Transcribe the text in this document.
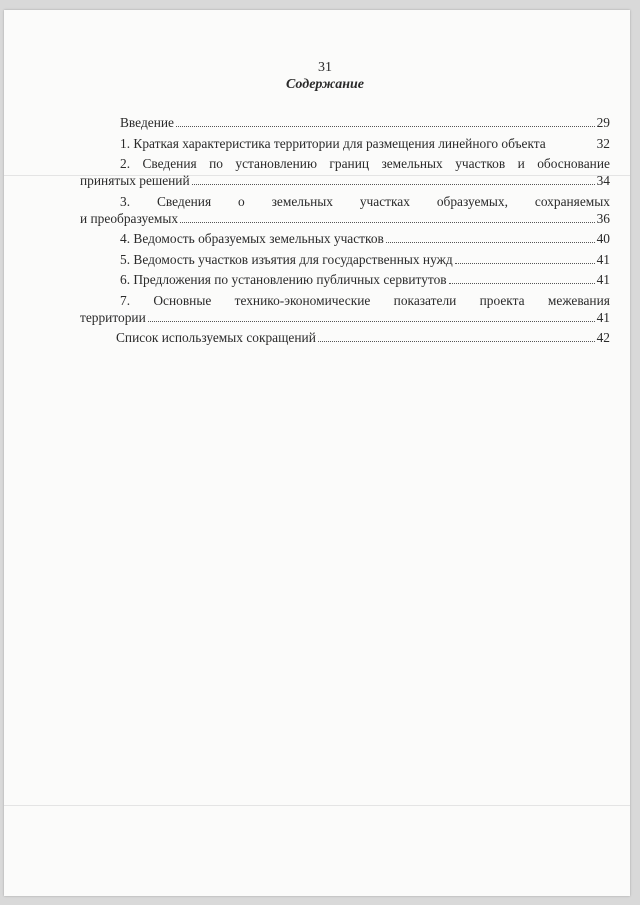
31
Содержание
Введение	29
1. Краткая характеристика территории для размещения линейного объекта	32
2. Сведения по установлению границ земельных участков и обоснование
принятых решений	34
3. Сведения о земельных участках образуемых, сохраняемых
и преобразуемых	36
4. Ведомость образуемых земельных участков	40
5. Ведомость участков изъятия для государственных нужд	41
6. Предложения по установлению публичных сервитутов	41
7. Основные технико-экономические показатели проекта межевания
территории	41
Список используемых сокращений	42
